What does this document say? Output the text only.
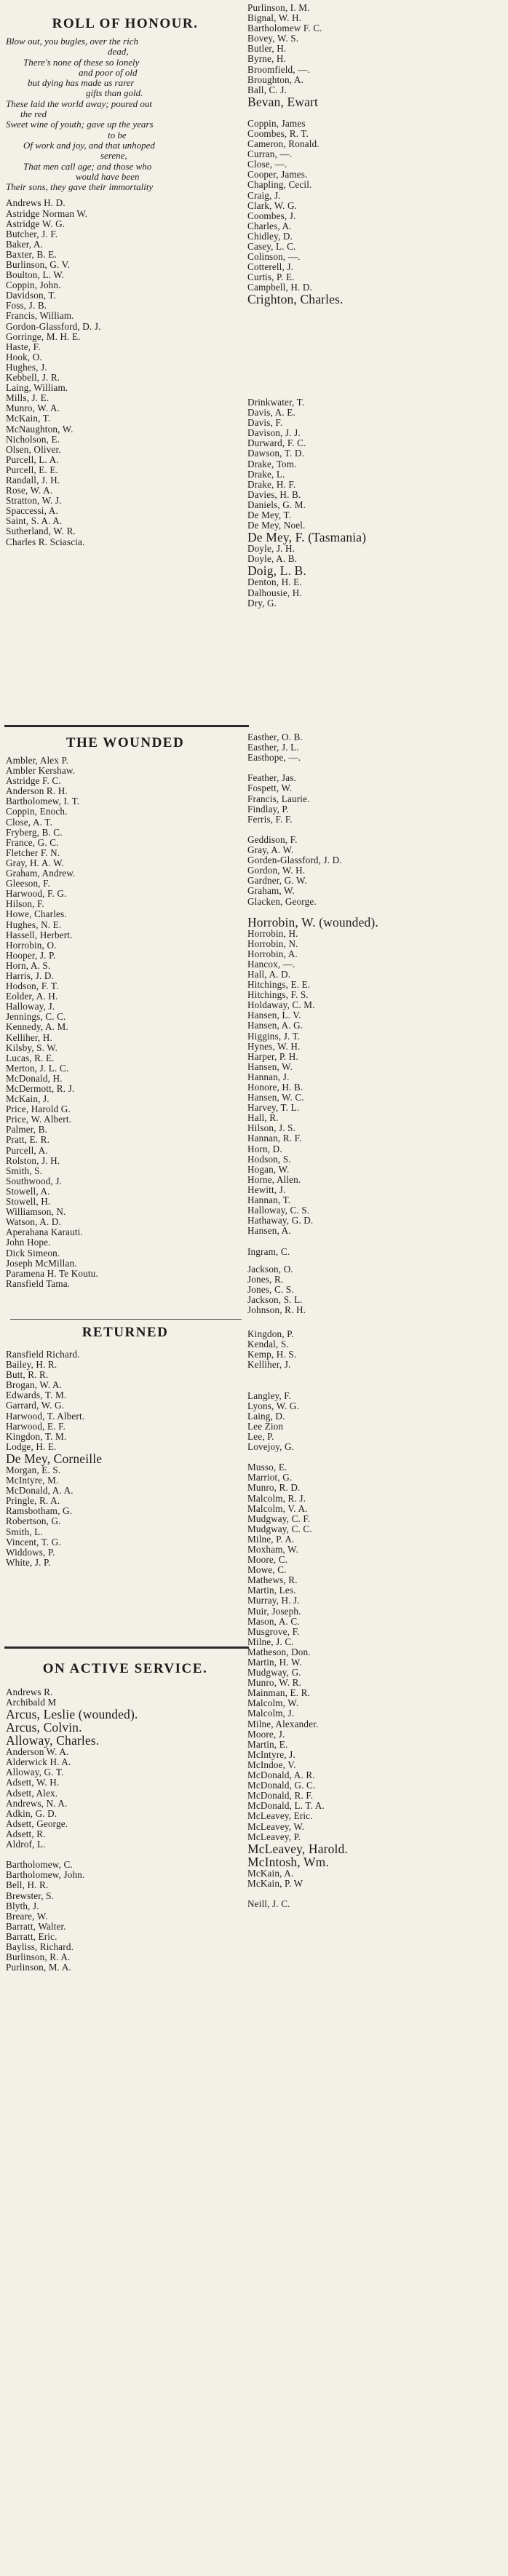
ROLL OF HONOUR.
Blow out, you bugles, over the rich
dead,
There's none of these so lonely
and poor of old
but dying has made us rarer
gifts than gold.
These laid the world away; poured out
the red
Sweet wine of youth; gave up the years
to be
Of work and joy, and that unhoped
serene,
That men call age; and those who
would have been
Their sons, they gave their immortality
Andrews H. D.
Astridge Norman W.
Astridge W. G.
Butcher, J. F.
Baker, A.
Baxter, B. E.
Burlinson, G. V.
Boulton, L. W.
Coppin, John.
Davidson, T.
Foss, J. B.
Francis, William.
Gordon-Glassford, D. J.
Gorringe, M. H. E.
Haste, F.
Hook, O.
Hughes, J.
Kebbell, J. R.
Laing, William.
Mills, J. E.
Munro, W. A.
McKain, T.
McNaughton, W.
Nicholson, E.
Olsen, Oliver.
Purcell, L. A.
Purcell, E. E.
Randall, J. H.
Rose, W. A.
Stratton, W. J.
Spaccessi, A.
Saint, S. A. A.
Sutherland, W. R.
Charles R. Sciascia.
THE WOUNDED
Ambler, Alex P.
Ambler Kershaw.
Astridge F. C.
Anderson R. H.
Bartholomew, I. T.
Coppin, Enoch.
Close, A. T.
Fryberg, B. C.
France, G. C.
Fletcher F. N.
Gray, H. A. W.
Graham, Andrew.
Gleeson, F.
Harwood, F. G.
Hilson, F.
Howe, Charles.
Hughes, N. E.
Hassell, Herbert.
Horrobin, O.
Hooper, J. P.
Horn, A. S.
Harris, J. D.
Hodson, F. T.
Eolder, A. H.
Halloway, J.
Jennings, C. C.
Kennedy, A. M.
Kelliher, H.
Kilsby, S. W.
Lucas, R. E.
Merton, J. L. C.
McDonald, H.
McDermott, R. J.
McKain, J.
Price, Harold G.
Price, W. Albert.
Palmer, B.
Pratt, E. R.
Purcell, A.
Rolston, J. H.
Smith, S.
Southwood, J.
Stowell, A.
Stowell, H.
Williamson, N.
Watson, A. D.
Aperahana Karauti.
John Hope.
Dick Simeon.
Joseph McMillan.
Paramena H. Te Koutu.
Ransfield Tama.
RETURNED
Ransfield Richard.
Bailey, H. R.
Butt, R. R.
Brogan, W. A.
Edwards, T. M.
Garrard, W. G.
Harwood, T. Albert.
Harwood, E. F.
Kingdon, T. M.
Lodge, H. E.
De Mey, Corneille
Morgan, E. S.
McIntyre, M.
McDonald, A. A.
Pringle, R. A.
Ramsbotham, G.
Robertson, G.
Smith, L.
Vincent, T. G.
Widdows, P.
White, J. P.
ON ACTIVE SERVICE.
Andrews R.
Archibald M
Arcus, Leslie (wounded).
Arcus, Colvin.
Alloway, Charles.
Anderson W. A.
Alderwick H. A.
Alloway, G. T.
Adsett, W. H.
Adsett, Alex.
Andrews, N. A.
Adkin, G. D.
Adsett, George.
Adsett, R.
Aldrof, L.

Bartholomew, C.
Bartholomew, John.
Bell, H. R.
Brewster, S.
Blyth, J.
Breare, W.
Barratt, Walter.
Barratt, Eric.
Bayliss, Richard.
Burlinson, R. A.
Purlinson, M. A.
Purlinson, I. M.
Bignal, W. H.
Bartholomew F. C.
Bovey, W. S.
Butler, H.
Byrne, H.
Broomfield, —.
Broughton, A.
Ball, C. J.
Bevan, Ewart
Coppin, James
Coombes, R. T.
Cameron, Ronald.
Curran, —.
Close, —.
Cooper, James.
Chapling, Cecil.
Craig, J.
Clark, W. G.
Coombes, J.
Charles, A.
Chidley, D.
Casey, L. C.
Colinson, —.
Cotterell, J.
Curtis, P. E.
Campbell, H. D.
Crighton, Charles.
Drinkwater, T.
Davis, A. E.
Davis, F.
Davison, J. J.
Durward, F. C.
Dawson, T. D.
Drake, Tom.
Drake, L.
Drake, H. F.
Davies, H. B.
Daniels, G. M.
De Mey, T.
De Mey, Noel.
De Mey, F. (Tasmania)
Doyle, J. H.
Doyle, A. B.
Doig, L. B.
Denton, H. E.
Dalhousie, H.
Dry, G.
Easther, O. B.
Easther, J. L.
Easthope, —.

Feather, Jas.
Fospett, W.
Francis, Laurie.
Findlay, P.
Ferris, F. F.

Geddison, F.
Gray, A. W.
Gorden-Glassford, J. D.
Gordon, W. H.
Gardner, G. W.
Graham, W.
Glacken, George.
Horrobin, W. (wounded).
Horrobin, H.
Horrobin, N.
Horrobin, A.
Hancox, —.
Hall, A. D.
Hitchings, E. E.
Hitchings, F. S.
Holdaway, C. M.
Hansen, L. V.
Hansen, A. G.
Higgins, J. T.
Hynes, W. H.
Harper, P. H.
Hansen, W.
Hannan, J.
Honore, H. B.
Hansen, W. C.
Harvey, T. L.
Hall, R.
Hilson, J. S.
Hannan, R. F.
Horn, D.
Hodson, S.
Hogan, W.
Horne, Allen.
Hewitt, J.
Hannan, T.
Halloway, C. S.
Hathaway, G. D.
Hansen, A.

Ingram, C.
Jackson, O.
Jones, R.
Jones, C. S.
Jackson, S. L.
Johnson, R. H.
Kingdon, P.
Kendal, S.
Kemp, H. S.
Kelliher, J.

Langley, F.
Lyons, W. G.
Laing, D.
Lee Zion
Lee, P.
Lovejoy, G.

Musso, E.
Marriot, G.
Munro, R. D.
Malcolm, R. J.
Malcolm, V. A.
Mudgway, C. F.
Mudgway, C. C.
Milne, P. A.
Moxham, W.
Moore, C.
Mowe, C.
Mathews, R.
Martin, Les.
Murray, H. J.
Muir, Joseph.
Mason, A. C.
Musgrove, F.
Milne, J. C.
Matheson, Don.
Martin, H. W.
Mudgway, G.
Munro, W. R.
Mainman, E. R.
Malcolm, W.
Malcolm, J.
Milne, Alexander.
Moore, J.
Martin, E.
McIntyre, J.
McIndoe, V.
McDonald, A. R.
McDonald, G. C.
McDonald, R. F.
McDonald, L. T. A.
McLeavey, Eric.
McLeavey, W.
McLeavey, P.
McLeavey, Harold.
McIntosh, Wm.
McKain, A.
McKain, P. W

Neill, J. C.
